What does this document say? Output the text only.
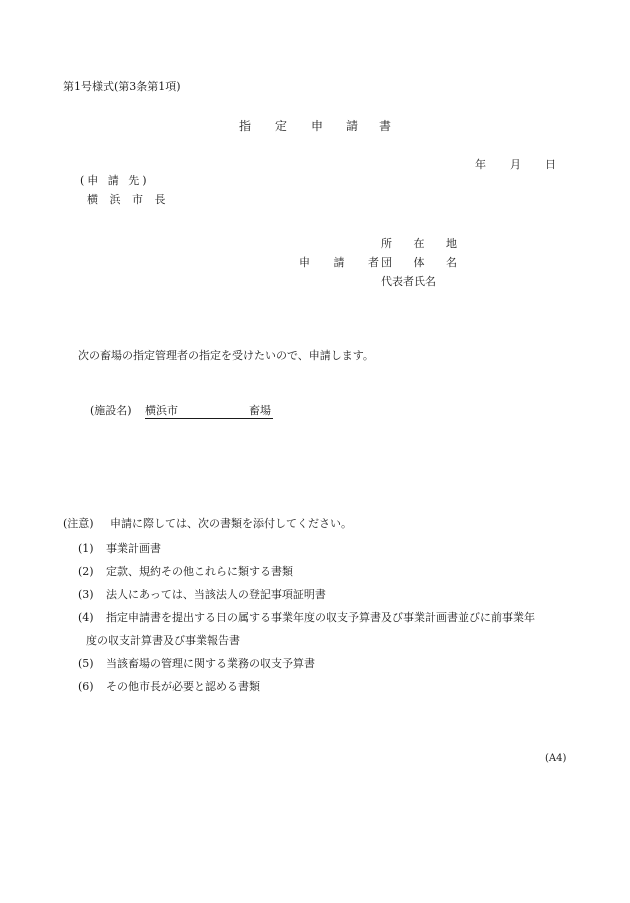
第1号様式(第3条第1項)
指 定 申 請 書
年 月 日
(申 請 先)
横 浜 市 長
申 請 者
所 在 地
団 体 名
代表者氏名
次の畜場の指定管理者の指定を受けたいので、申請します。
(施設名) 横浜市	畜場
(注意) 申請に際しては、次の書類を添付してください。
(1) 事業計画書
(2) 定款、規約その他これらに類する書類
(3) 法人にあっては、当該法人の登記事項証明書
(4) 指定申請書を提出する日の属する事業年度の収支予算書及び事業計画書並びに前事業年
度の収支計算書及び事業報告書
(5) 当該畜場の管理に関する業務の収支予算書
(6) その他市長が必要と認める書類
(A4)
